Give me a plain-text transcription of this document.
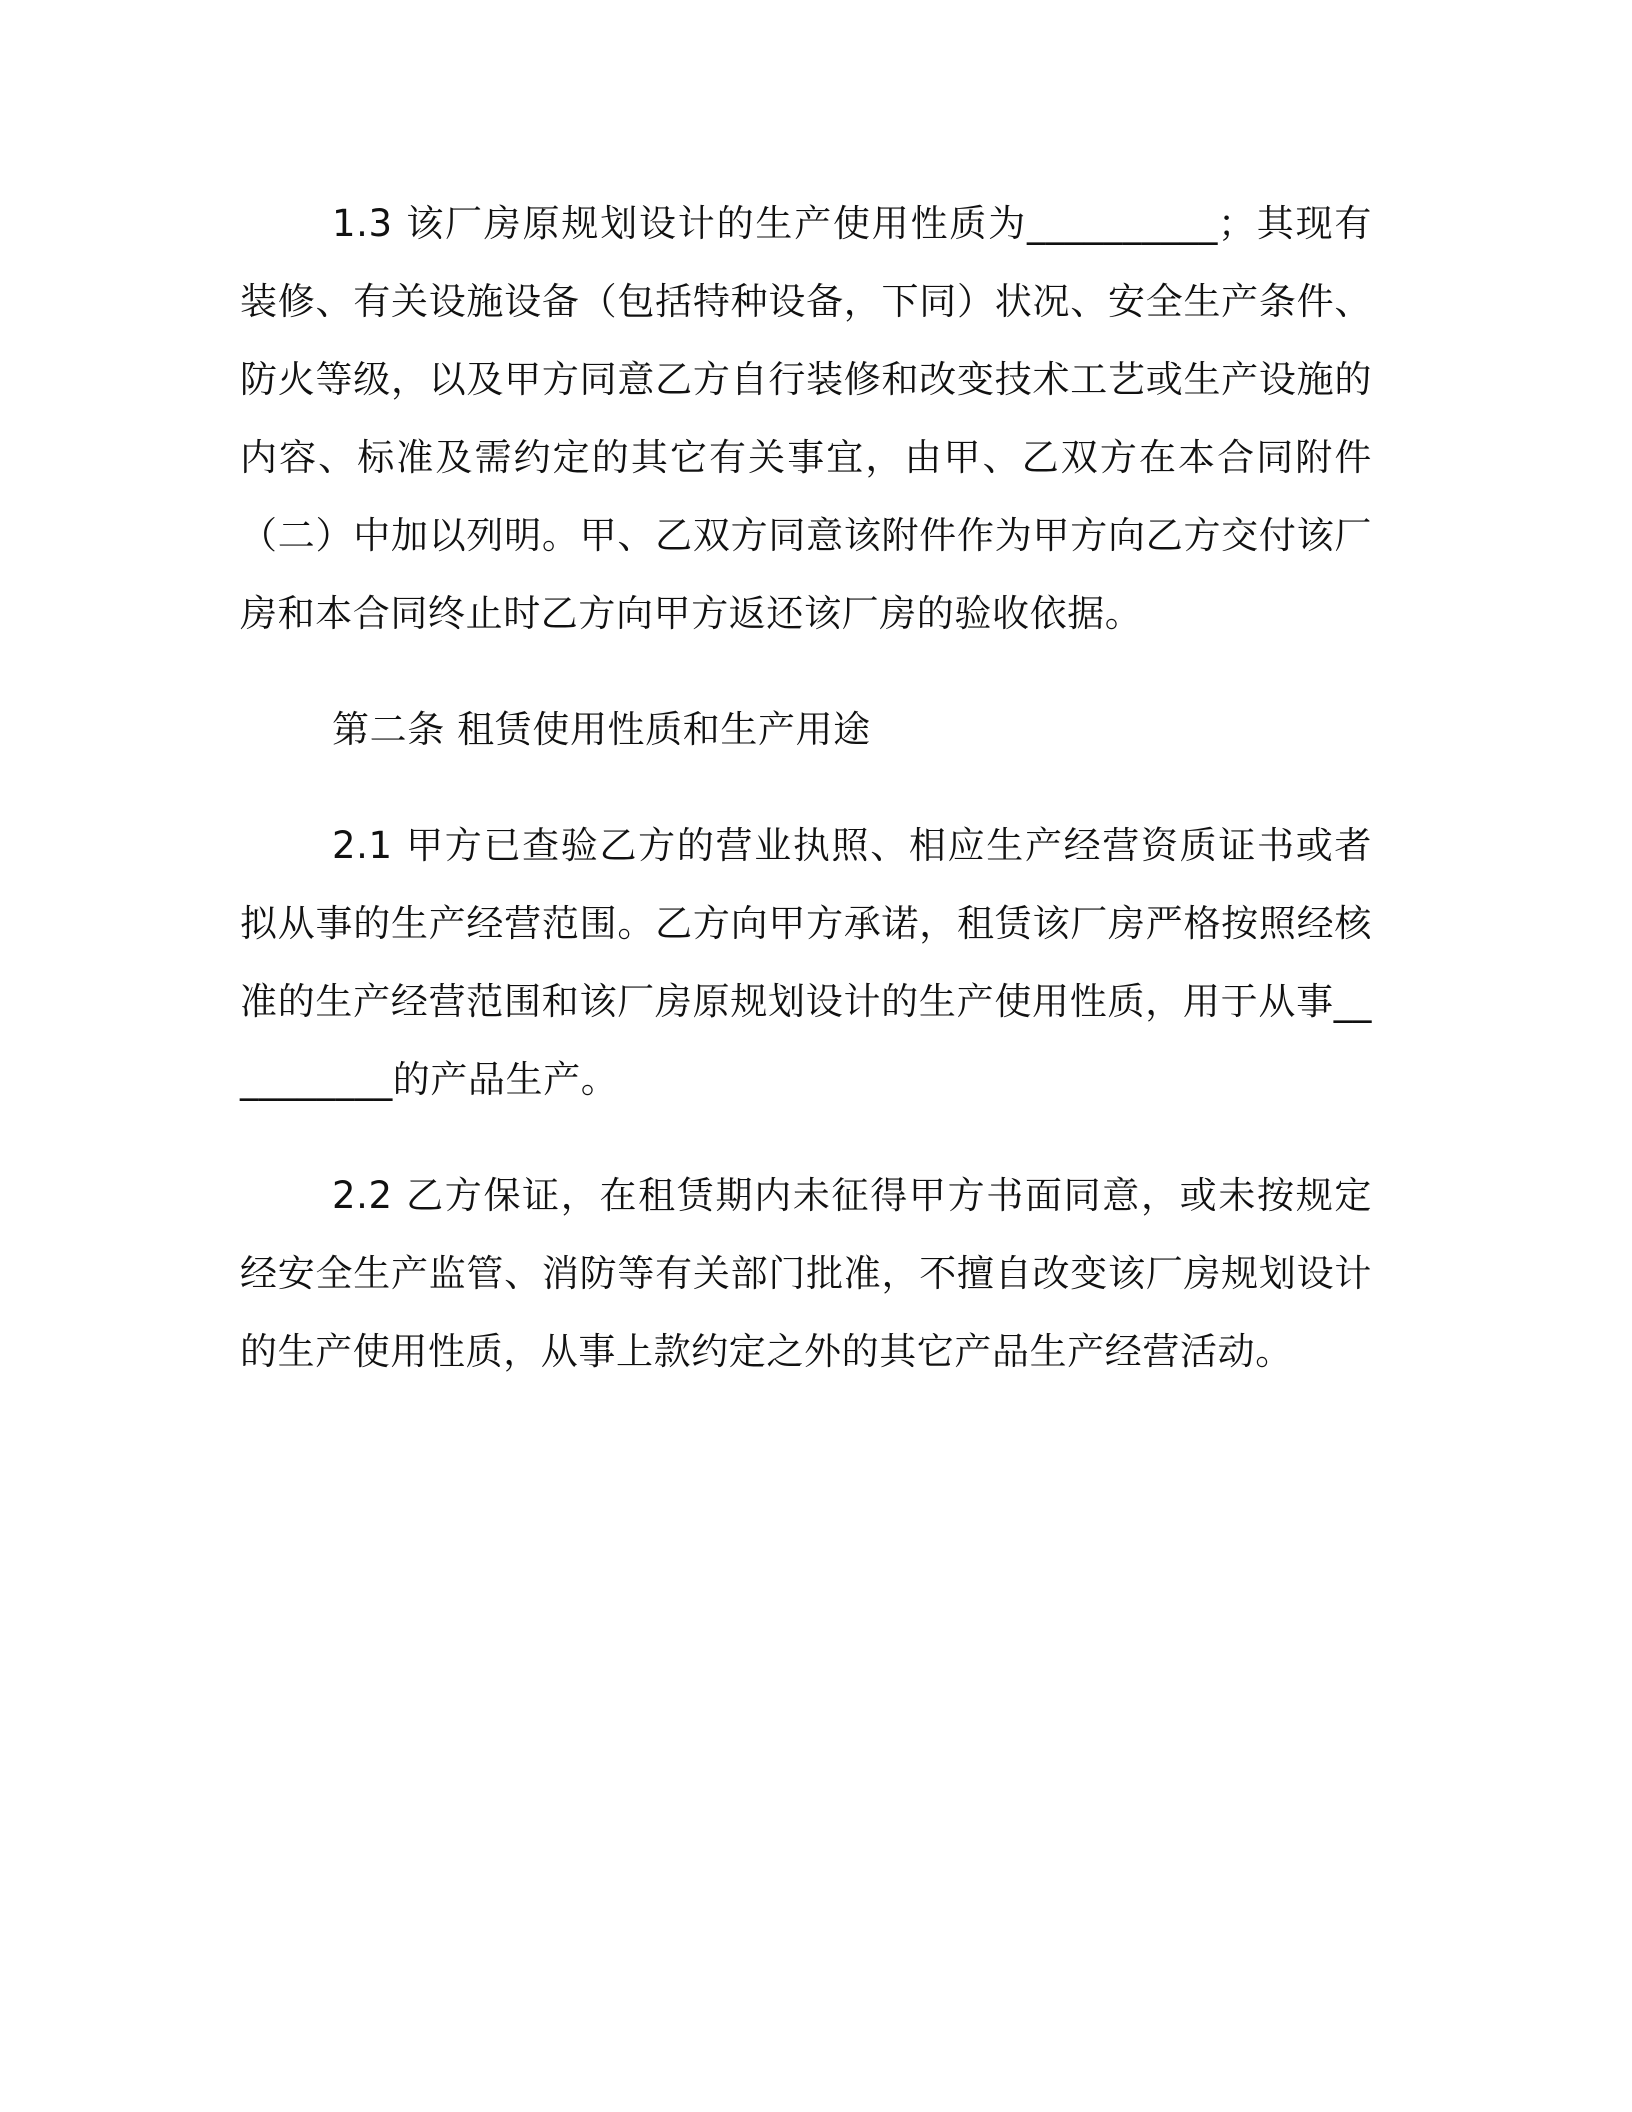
1.3 该厂房原规划设计的生产使用性质为__________；其现有装修、有关设施设备（包括特种设备，下同）状况、安全生产条件、防火等级，以及甲方同意乙方自行装修和改变技术工艺或生产设施的内容、标准及需约定的其它有关事宜，由甲、乙双方在本合同附件（二）中加以列明。甲、乙双方同意该附件作为甲方向乙方交付该厂房和本合同终止时乙方向甲方返还该厂房的验收依据。

第二条 租赁使用性质和生产用途

2.1 甲方已查验乙方的营业执照、相应生产经营资质证书或者拟从事的生产经营范围。乙方向甲方承诺，租赁该厂房严格按照经核准的生产经营范围和该厂房原规划设计的生产使用性质，用于从事__________的产品生产。

2.2 乙方保证，在租赁期内未征得甲方书面同意，或未按规定经安全生产监管、消防等有关部门批准，不擅自改变该厂房规划设计的生产使用性质，从事上款约定之外的其它产品生产经营活动。
